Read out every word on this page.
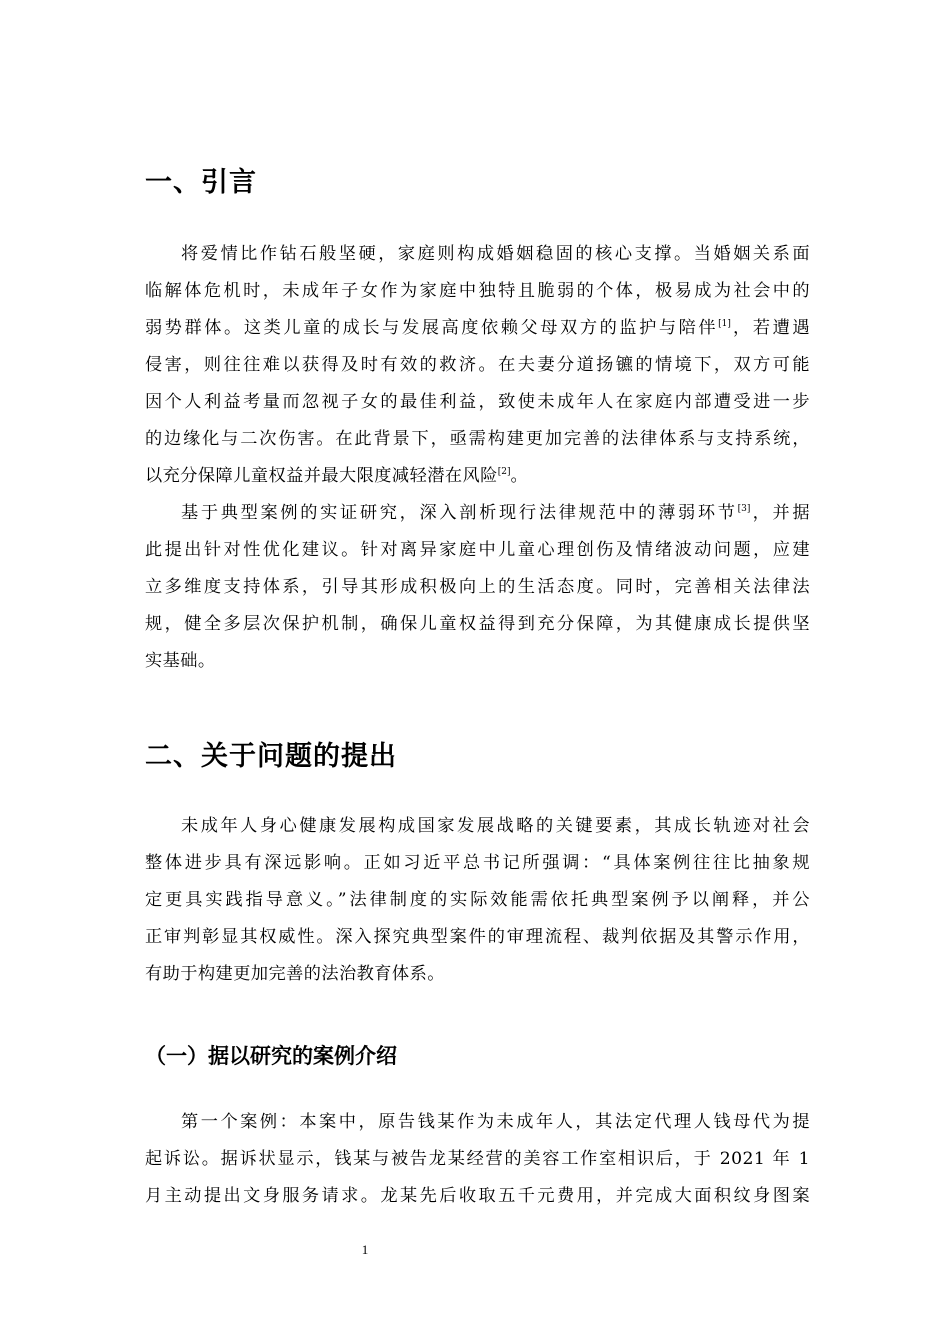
一、引言
将爱情比作钻石般坚硬，家庭则构成婚姻稳固的核心支撑。当婚姻关系面
临解体危机时，未成年子女作为家庭中独特且脆弱的个体，极易成为社会中的
弱势群体。这类儿童的成长与发展高度依赖父母双方的监护与陪伴[1]，若遭遇
侵害，则往往难以获得及时有效的救济。在夫妻分道扬镳的情境下，双方可能
因个人利益考量而忽视子女的最佳利益，致使未成年人在家庭内部遭受进一步
的边缘化与二次伤害。在此背景下，亟需构建更加完善的法律体系与支持系统，
以充分保障儿童权益并最大限度减轻潜在风险[2]。
基于典型案例的实证研究，深入剖析现行法律规范中的薄弱环节[3]，并据
此提出针对性优化建议。针对离异家庭中儿童心理创伤及情绪波动问题，应建
立多维度支持体系，引导其形成积极向上的生活态度。同时，完善相关法律法
规，健全多层次保护机制，确保儿童权益得到充分保障，为其健康成长提供坚
实基础。
二、关于问题的提出
未成年人身心健康发展构成国家发展战略的关键要素，其成长轨迹对社会
整体进步具有深远影响。正如习近平总书记所强调：“具体案例往往比抽象规
定更具实践指导意义。”法律制度的实际效能需依托典型案例予以阐释，并公
正审判彰显其权威性。深入探究典型案件的审理流程、裁判依据及其警示作用，
有助于构建更加完善的法治教育体系。
（一）据以研究的案例介绍
第一个案例：本案中，原告钱某作为未成年人，其法定代理人钱母代为提
起诉讼。据诉状显示，钱某与被告龙某经营的美容工作室相识后，于 2021 年 1
月主动提出文身服务请求。龙某先后收取五千元费用，并完成大面积纹身图案
1
